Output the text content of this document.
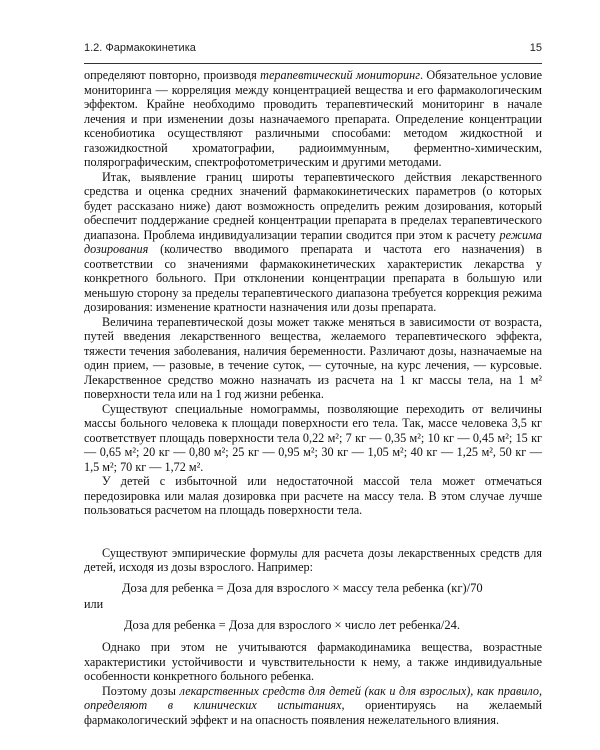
1.2. Фармакокинетика	15

определяют повторно, производя терапевтический мониторинг. Обязательное условие мониторинга — корреляция между концентрацией вещества и его фармакологическим эффектом. Крайне необходимо проводить терапевтический мониторинг в начале лечения и при изменении дозы назначаемого препарата. Определение концентрации ксенобиотика осуществляют различными способами: методом жидкостной и газожидкостной хроматографии, радиоиммунным, ферментно-химическим, полярографическим, спектрофотометрическим и другими методами.

Итак, выявление границ широты терапевтического действия лекарственного средства и оценка средних значений фармакокинетических параметров (о которых будет рассказано ниже) дают возможность определить режим дозирования, который обеспечит поддержание средней концентрации препарата в пределах терапевтического диапазона. Проблема индивидуализации терапии сводится при этом к расчету режима дозирования (количество вводимого препарата и частота его назначения) в соответствии со значениями фармакокинетических характеристик лекарства у конкретного больного. При отклонении концентрации препарата в большую или меньшую сторону за пределы терапевтического диапазона требуется коррекция режима дозирования: изменение кратности назначения или дозы препарата.

Величина терапевтической дозы может также меняться в зависимости от возраста, путей введения лекарственного вещества, желаемого терапевтического эффекта, тяжести течения заболевания, наличия беременности. Различают дозы, назначаемые на один прием, — разовые, в течение суток, — суточные, на курс лечения, — курсовые. Лекарственное средство можно назначать из расчета на 1 кг массы тела, на 1 м² поверхности тела или на 1 год жизни ребенка.

Существуют специальные номограммы, позволяющие переходить от величины массы больного человека к площади поверхности его тела. Так, массе человека 3,5 кг соответствует площадь поверхности тела 0,22 м²; 7 кг — 0,35 м²; 10 кг — 0,45 м²; 15 кг — 0,65 м²; 20 кг — 0,80 м²; 25 кг — 0,95 м²; 30 кг — 1,05 м²; 40 кг — 1,25 м², 50 кг — 1,5 м²; 70 кг — 1,72 м².

У детей с избыточной или недостаточной массой тела может отмечаться передозировка или малая дозировка при расчете на массу тела. В этом случае лучше пользоваться расчетом на площадь поверхности тела.

Существуют эмпирические формулы для расчета дозы лекарственных средств для детей, исходя из дозы взрослого. Например:

Доза для ребенка = Доза для взрослого × массу тела ребенка (кг)/70
или
Доза для ребенка = Доза для взрослого × число лет ребенка/24.

Однако при этом не учитываются фармакодинамика вещества, возрастные характеристики устойчивости и чувствительности к нему, а также индивидуальные особенности конкретного больного ребенка.

Поэтому дозы лекарственных средств для детей (как и для взрослых), как правило, определяют в клинических испытаниях, ориентируясь на желаемый фармакологический эффект и на опасность появления нежелательного влияния.
